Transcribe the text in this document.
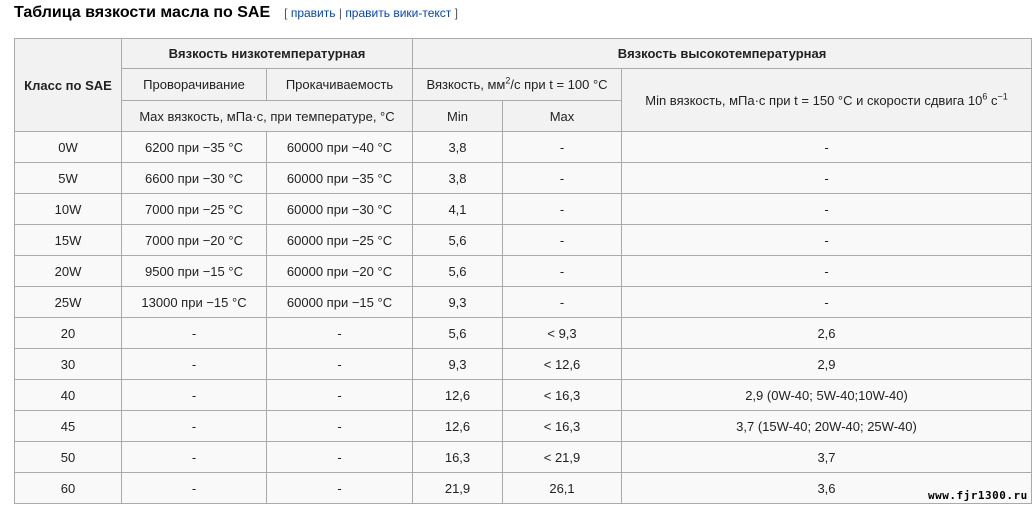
Таблица вязкости масла по SAE [ править | править вики-текст ]
Класс по SAE	Вязкость низкотемпературная		Вязкость высокотемпературная		
	Проворачивание	Прокачиваемость	Вязкость, $мм^2/с$ при t = 100 °C		Min вязкость, мПа·с при t = 150 °C и скорости сдвига $10^6$ $с^{-1}$
	Max вязкость, мПа·с, при температуре, °C		Min	Max	
0W	6200 при −35 °C	60000 при −40 °C	3,8	-	-
5W	6600 при −30 °C	60000 при −35 °C	3,8	-	-
10W	7000 при −25 °C	60000 при −30 °C	4,1	-	-
15W	7000 при −20 °C	60000 при −25 °C	5,6	-	-
20W	9500 при −15 °C	60000 при −20 °C	5,6	-	-
25W	13000 при −15 °C	60000 при −15 °C	9,3	-	-
20	-	-	5,6	< 9,3	2,6
30	-	-	9,3	< 12,6	2,9
40	-	-	12,6	< 16,3	2,9 (0W-40; 5W-40;10W-40)
45	-	-	12,6	< 16,3	3,7 (15W-40; 20W-40; 25W-40)
50	-	-	16,3	< 21,9	3,7
60	-	-	21,9	26,1	3,6	www.fjr1300.ru
